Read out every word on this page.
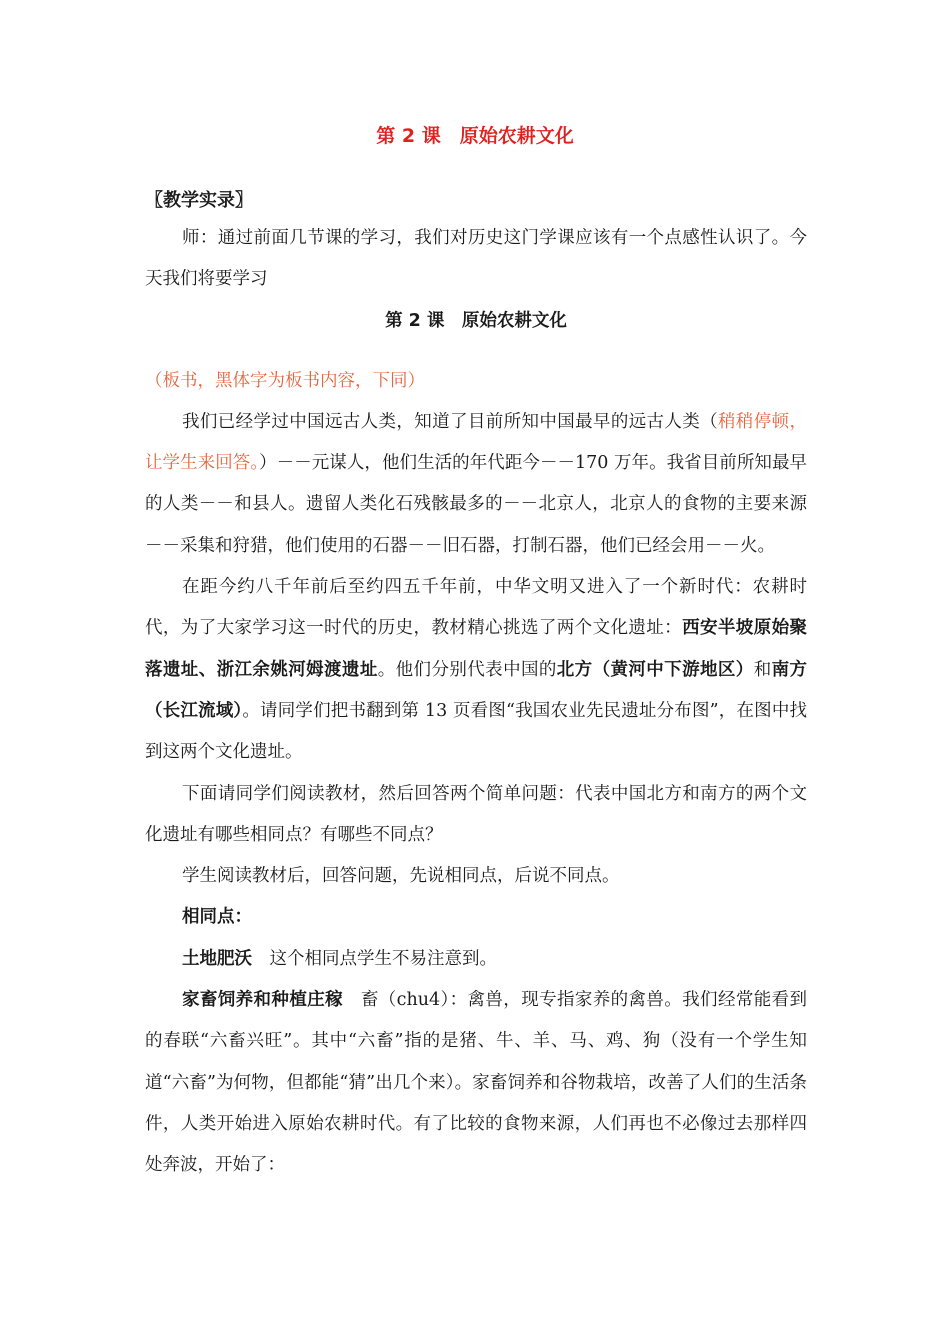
第 2 课　原始农耕文化
〖教学实录〗

师：通过前面几节课的学习，我们对历史这门学课应该有一个点感性认识了。今天我们将要学习

第 2 课　原始农耕文化

（板书，黑体字为板书内容，下同）

我们已经学过中国远古人类，知道了目前所知中国最早的远古人类（稍稍停顿，让学生来回答。）－－元谋人，他们生活的年代距今－－170 万年。我省目前所知最早的人类－－和县人。遗留人类化石残骸最多的－－北京人，北京人的食物的主要来源－－采集和狩猎，他们使用的石器－－旧石器，打制石器，他们已经会用－－火。

在距今约八千年前后至约四五千年前，中华文明又进入了一个新时代：农耕时代，为了大家学习这一时代的历史，教材精心挑选了两个文化遗址：西安半坡原始聚落遗址、浙江余姚河姆渡遗址。他们分别代表中国的北方（黄河中下游地区）和南方（长江流域）。请同学们把书翻到第 13 页看图“我国农业先民遗址分布图”，在图中找到这两个文化遗址。

下面请同学们阅读教材，然后回答两个简单问题：代表中国北方和南方的两个文化遗址有哪些相同点？有哪些不同点？

学生阅读教材后，回答问题，先说相同点，后说不同点。

相同点：

土地肥沃　这个相同点学生不易注意到。

家畜饲养和种植庄稼　畜（chu4）：禽兽，现专指家养的禽兽。我们经常能看到的春联“六畜兴旺”。其中“六畜”指的是猪、牛、羊、马、鸡、狗（没有一个学生知道“六畜”为何物，但都能“猜”出几个来）。家畜饲养和谷物栽培，改善了人们的生活条件，人类开始进入原始农耕时代。有了比较的食物来源，人们再也不必像过去那样四处奔波，开始了：
